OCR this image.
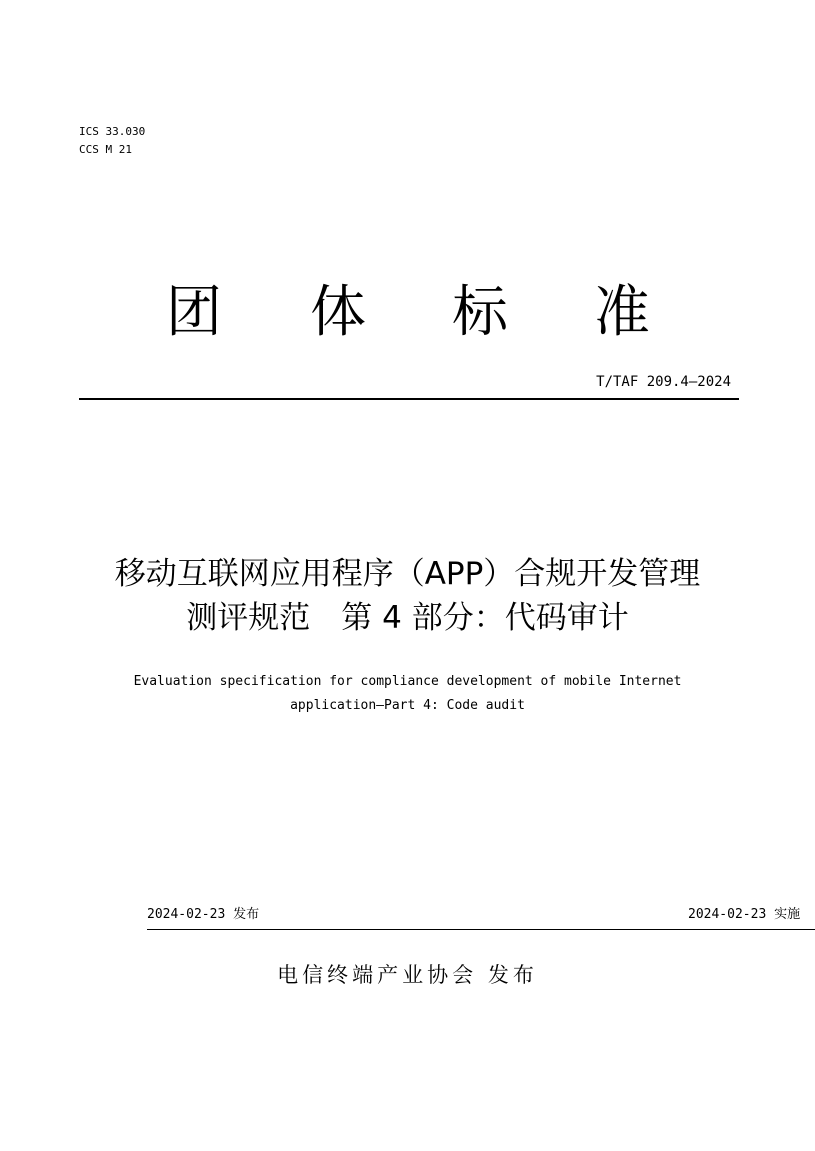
ICS 33.030
CCS M 21
团 体 标 准
T/TAF 209.4—2024
移动互联网应用程序（APP）合规开发管理
测评规范　第 4 部分：代码审计
Evaluation specification for compliance development of mobile Internet
application—Part 4: Code audit
2024-02-23 发布	2024-02-23 实施
电信终端产业协会 发布
